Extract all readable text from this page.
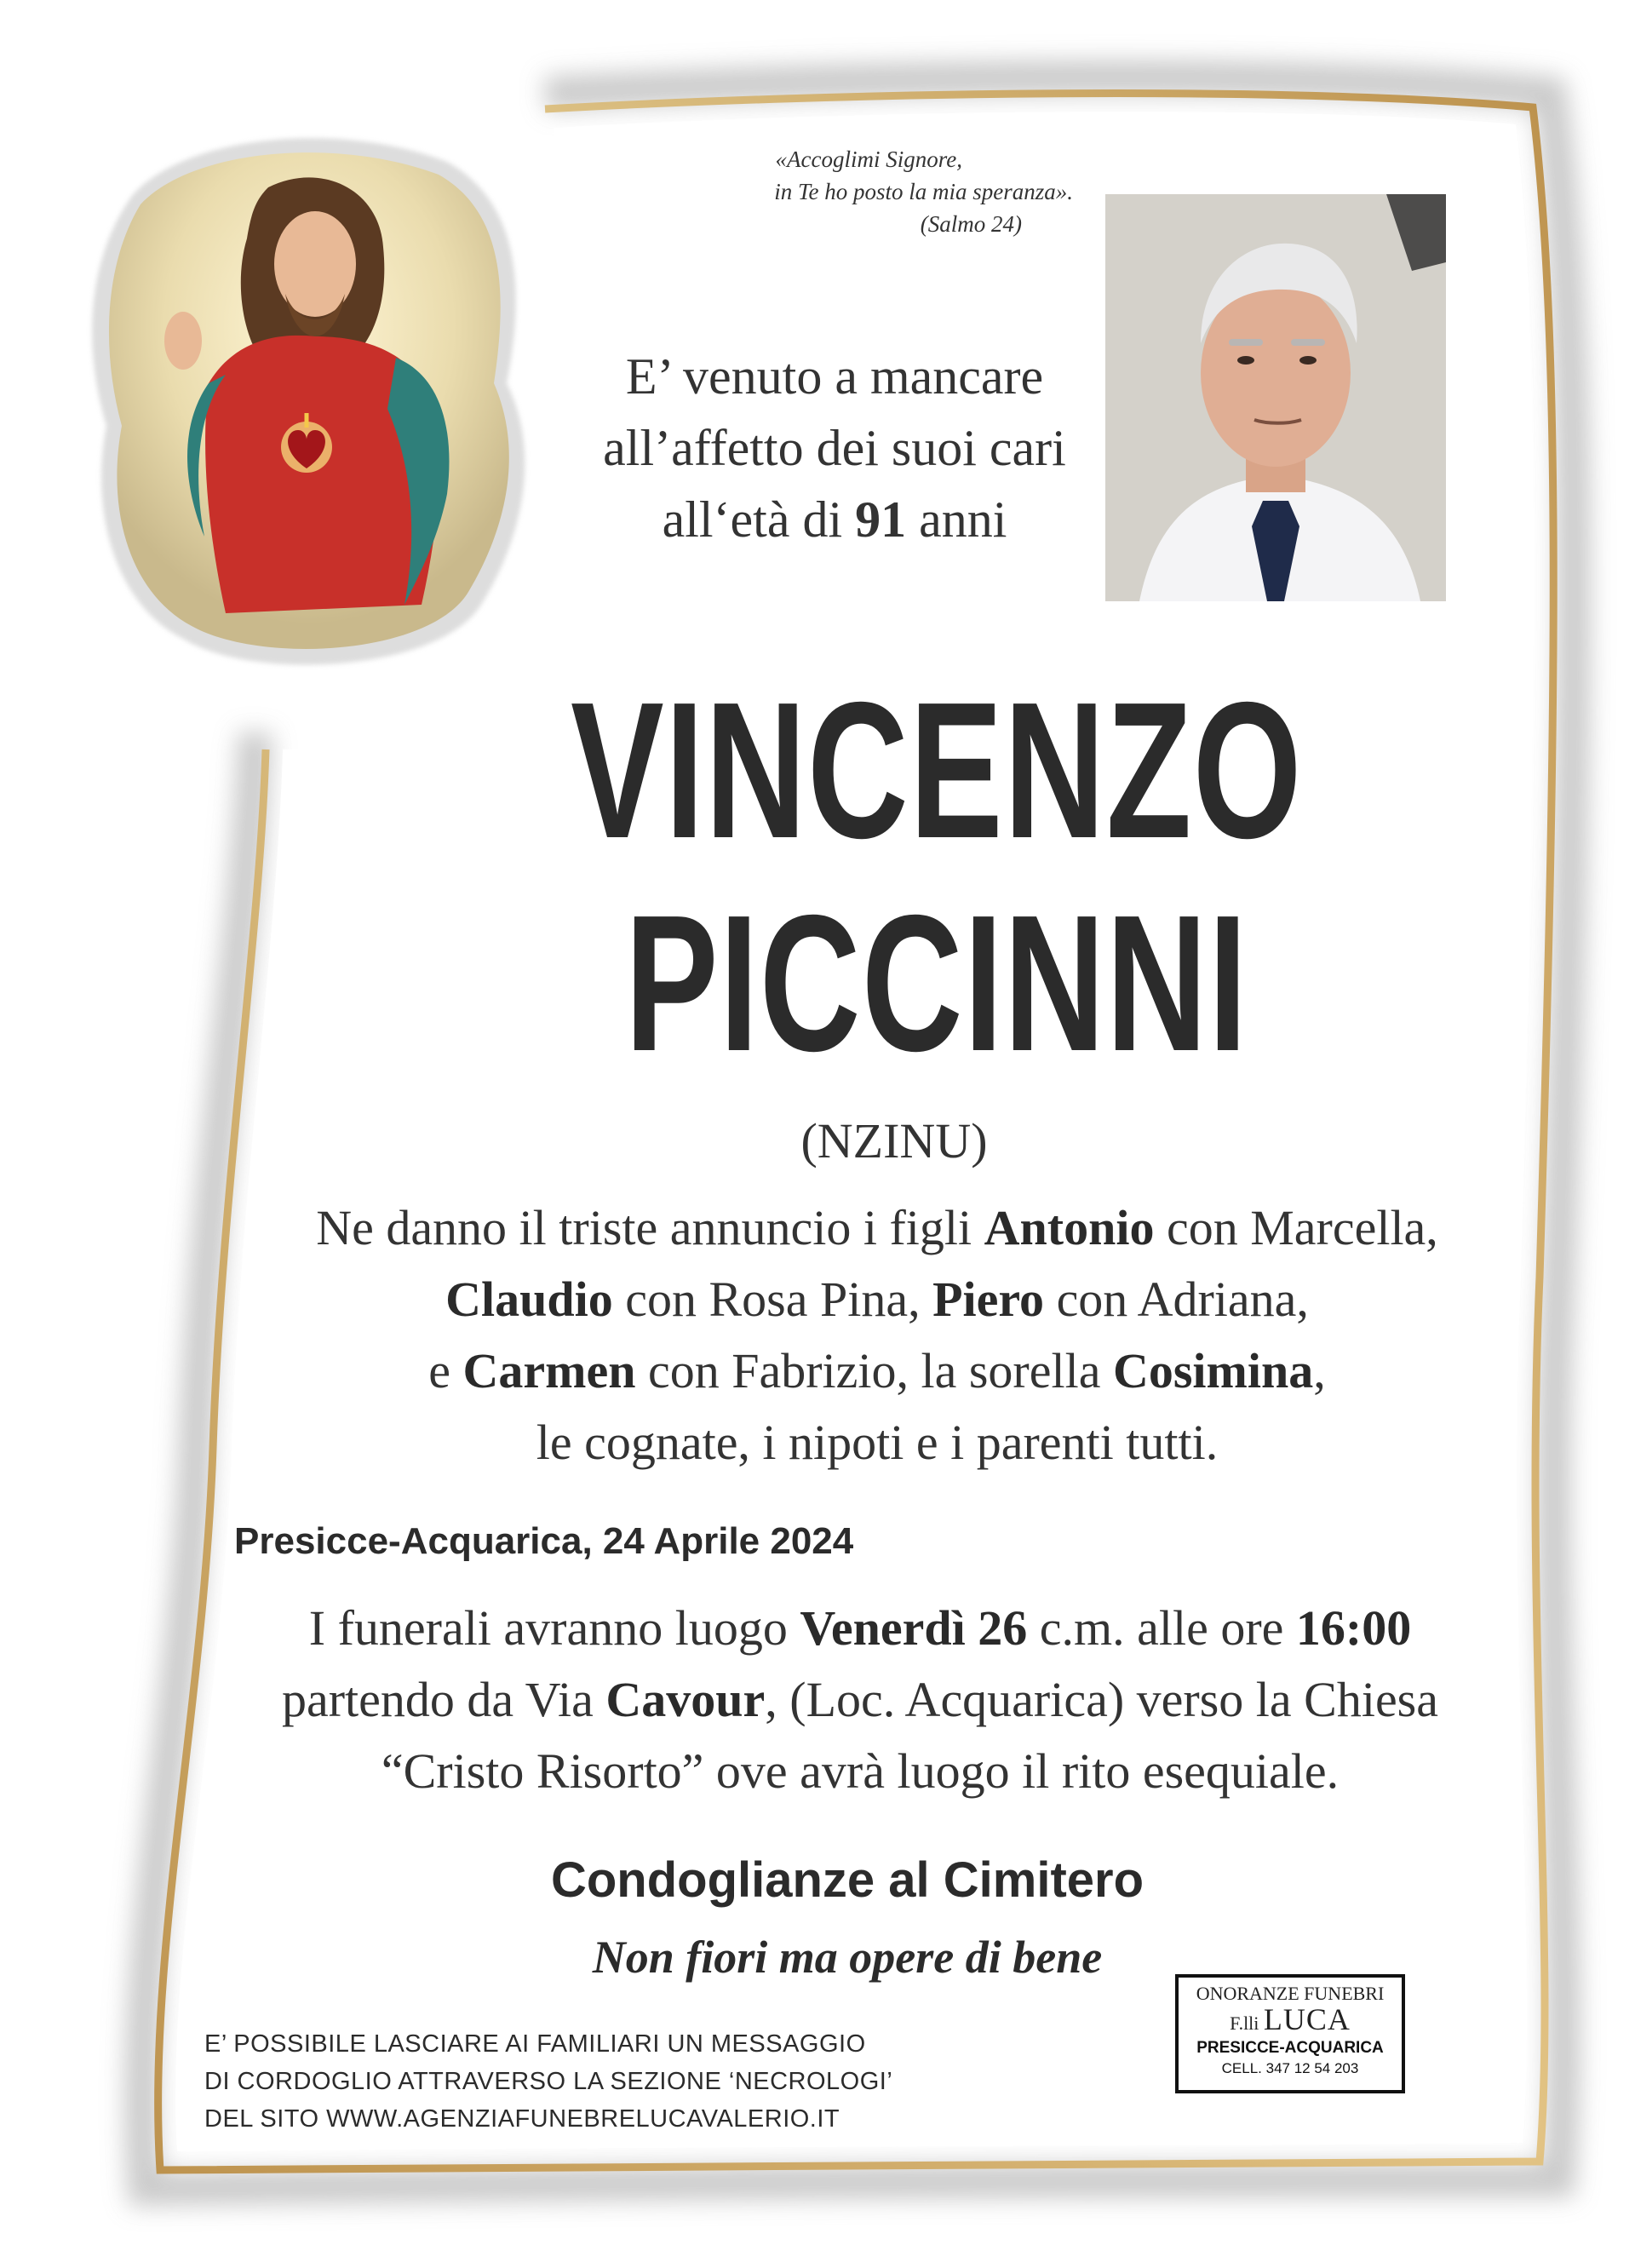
«Accoglimi Signore,
in Te ho posto la mia speranza».
(Salmo 24)
E’ venuto a mancare
all’affetto dei suoi cari
all‘età di 91 anni
VINCENZO
PICCINNI
(NZINU)
Ne danno il triste annuncio i figli Antonio con Marcella,
Claudio con Rosa Pina, Piero con Adriana,
e Carmen con Fabrizio, la sorella Cosimina,
le cognate, i nipoti e i parenti tutti.
Presicce-Acquarica, 24 Aprile 2024
I funerali avranno luogo Venerdì 26 c.m. alle ore 16:00
partendo da Via Cavour, (Loc. Acquarica) verso la Chiesa
“Cristo Risorto” ove avrà luogo il rito esequiale.
Condoglianze al Cimitero
Non fiori ma opere di bene
E’ POSSIBILE LASCIARE AI FAMILIARI UN MESSAGGIO
DI CORDOGLIO ATTRAVERSO LA SEZIONE ‘NECROLOGI’
DEL SITO WWW.AGENZIAFUNEBRELUCAVALERIO.IT
ONORANZE FUNEBRI
F.lli LUCA
PRESICCE-ACQUARICA
CELL. 347 12 54 203
